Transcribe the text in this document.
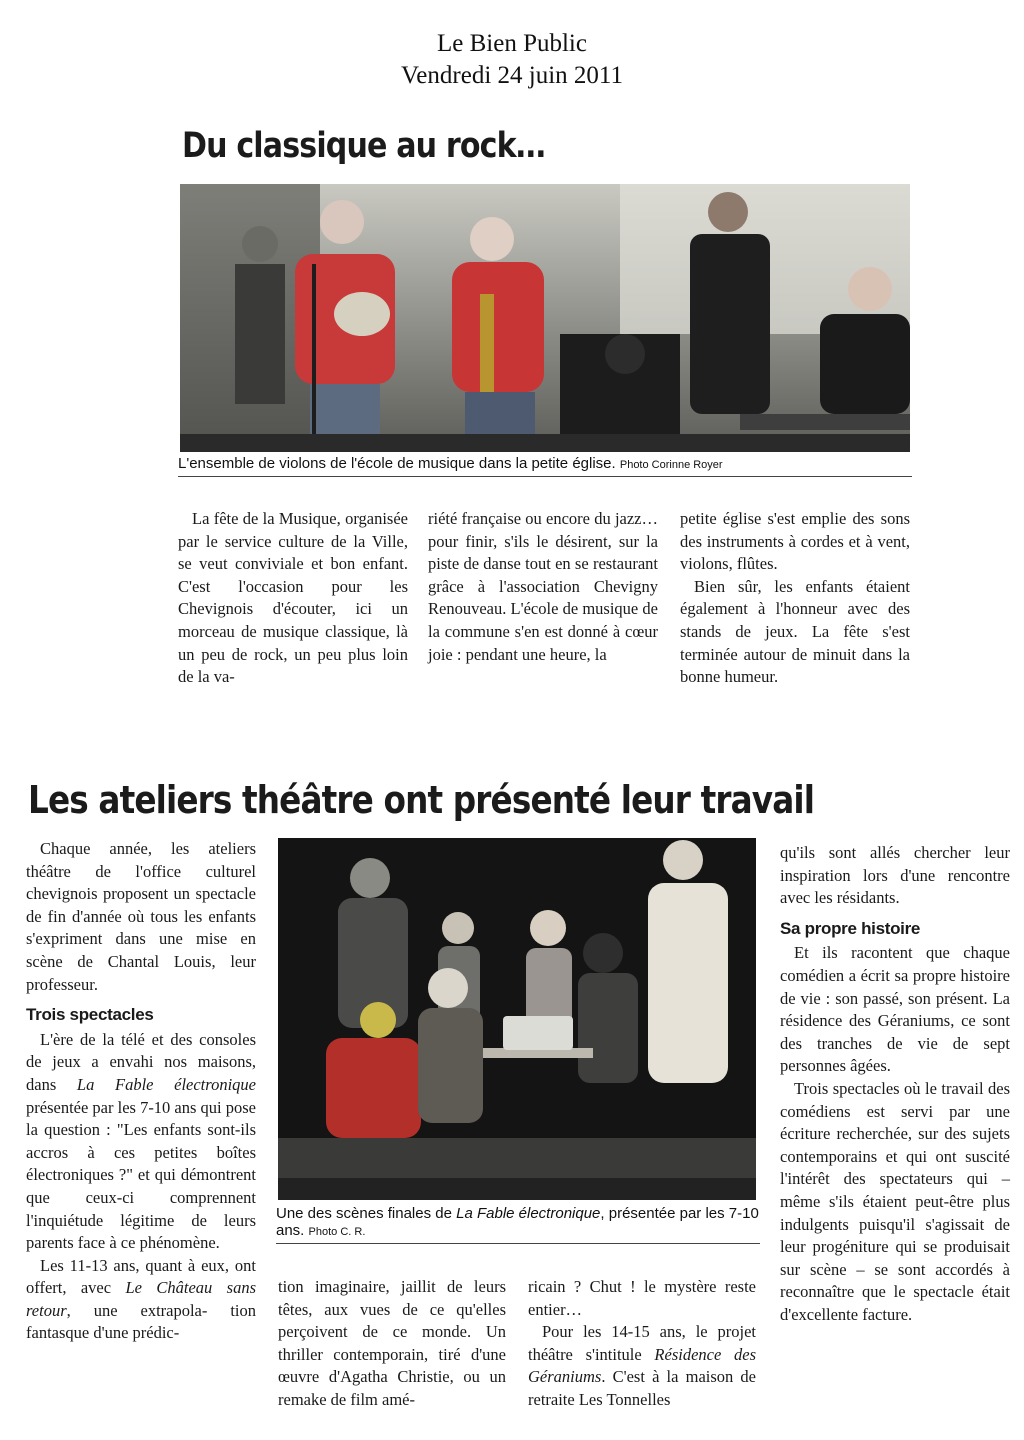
Le Bien Public
Vendredi 24 juin 2011
Du classique au rock…
L'ensemble de violons de l'école de musique dans la petite église. Photo Corinne Royer

La fête de la Musique, organisée par le service culture de la Ville, se veut conviviale et bon enfant. C'est l'occasion pour les Chevignois d'écouter, ici un morceau de musique classique, là un peu de rock, un peu plus loin de la va-

riété française ou encore du jazz… pour finir, s'ils le désirent, sur la piste de danse tout en se restaurant grâce à l'association Chevigny Renouveau. L'école de musique de la commune s'en est donné à cœur joie : pendant une heure, la

petite église s'est emplie des sons des instruments à cordes et à vent, violons, flûtes.

Bien sûr, les enfants étaient également à l'honneur avec des stands de jeux. La fête s'est terminée autour de minuit dans la bonne humeur.

Les ateliers théâtre ont présenté leur travail

Chaque année, les ateliers théâtre de l'office culturel chevignois proposent un spectacle de fin d'année où tous les enfants s'expriment dans une mise en scène de Chantal Louis, leur professeur.

Trois spectacles

L'ère de la télé et des consoles de jeux a envahi nos maisons, dans La Fable électronique présentée par les 7-10 ans qui pose la question : "Les enfants sont-ils accros à ces petites boîtes électroniques ?" et qui démontrent que ceux-ci comprennent l'inquiétude légitime de leurs parents face à ce phénomène.

Les 11-13 ans, quant à eux, ont offert, avec Le Château sans retour, une extrapola- tion fantasque d'une prédic-

Une des scènes finales de La Fable électronique, présentée par les 7-10 ans. Photo C. R.

tion imaginaire, jaillit de leurs têtes, aux vues de ce qu'elles perçoivent de ce monde. Un thriller contemporain, tiré d'une œuvre d'Agatha Christie, ou un remake de film amé-

ricain ? Chut ! le mystère reste entier…

Pour les 14-15 ans, le projet théâtre s'intitule Résidence des Géraniums. C'est à la maison de retraite Les Tonnelles

qu'ils sont allés chercher leur inspiration lors d'une rencontre avec les résidants.

Sa propre histoire

Et ils racontent que chaque comédien a écrit sa propre histoire de vie : son passé, son présent. La résidence des Géraniums, ce sont des tranches de vie de sept personnes âgées.

Trois spectacles où le travail des comédiens est servi par une écriture recherchée, sur des sujets contemporains et qui ont suscité l'intérêt des spectateurs qui – même s'ils étaient peut-être plus indulgents puisqu'il s'agissait de leur progéniture qui se produisait sur scène – se sont accordés à reconnaître que le spectacle était d'excellente facture.
